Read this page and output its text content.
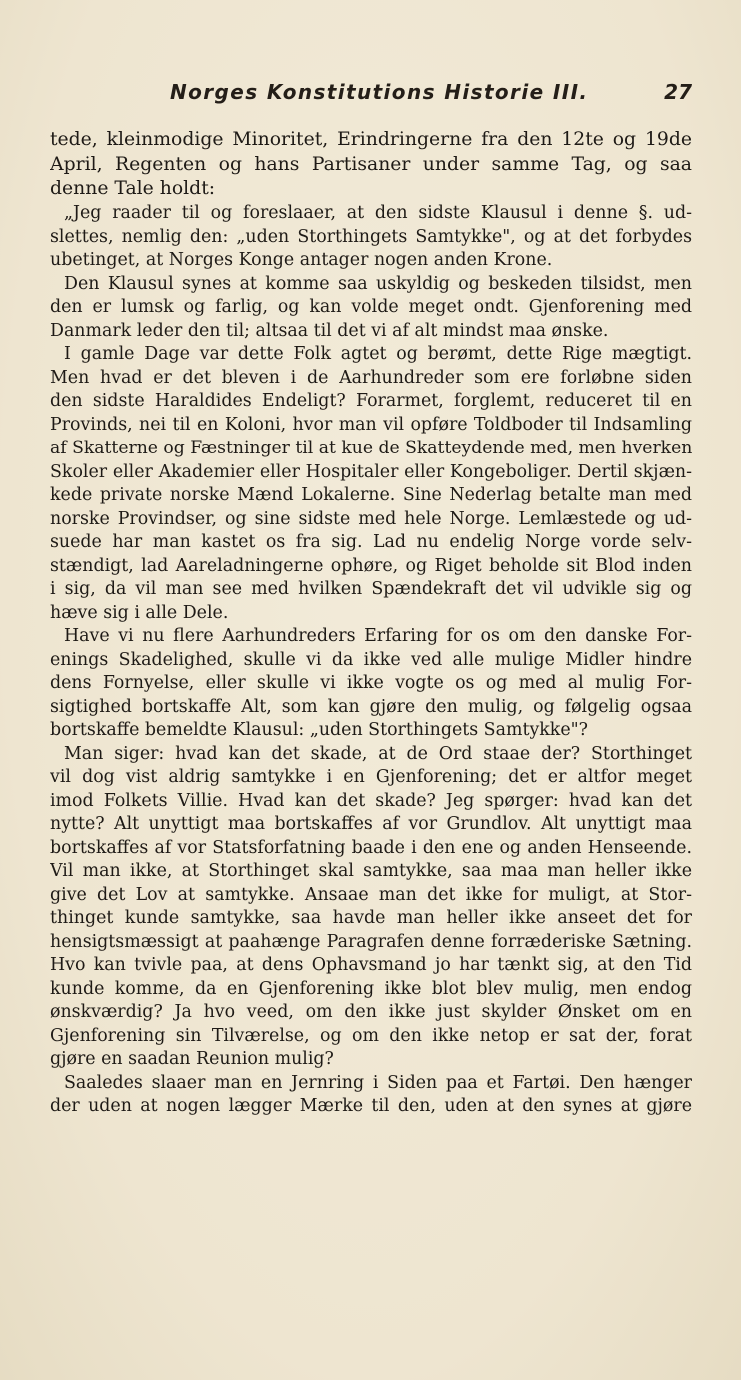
Norges Konstitutions Historie III.	27
tede, kleinmodige Minoritet, Erindringerne fra den 12te og 19de
April, Regenten og hans Partisaner under samme Tag, og saa
denne Tale holdt:
„Jeg raader til og foreslaaer, at den sidste Klausul i denne §. ud-
slettes, nemlig den: „uden Storthingets Samtykke", og at det forbydes
ubetinget, at Norges Konge antager nogen anden Krone.
Den Klausul synes at komme saa uskyldig og beskeden tilsidst, men
den er lumsk og farlig, og kan volde meget ondt. Gjenforening med
Danmark leder den til; altsaa til det vi af alt mindst maa ønske.
I gamle Dage var dette Folk agtet og berømt, dette Rige mægtigt.
Men hvad er det bleven i de Aarhundreder som ere forløbne siden
den sidste Haraldides Endeligt? Forarmet, forglemt, reduceret til en
Provinds, nei til en Koloni, hvor man vil opføre Toldboder til Indsamling
af Skatterne og Fæstninger til at kue de Skatteydende med, men hverken
Skoler eller Akademier eller Hospitaler eller Kongeboliger. Dertil skjæn-
kede private norske Mænd Lokalerne. Sine Nederlag betalte man med
norske Provindser, og sine sidste med hele Norge. Lemlæstede og ud-
suede har man kastet os fra sig. Lad nu endelig Norge vorde selv-
stændigt, lad Aareladningerne ophøre, og Riget beholde sit Blod inden
i sig, da vil man see med hvilken Spændekraft det vil udvikle sig og
hæve sig i alle Dele.
Have vi nu flere Aarhundreders Erfaring for os om den danske For-
enings Skadelighed, skulle vi da ikke ved alle mulige Midler hindre
dens Fornyelse, eller skulle vi ikke vogte os og med al mulig For-
sigtighed bortskaffe Alt, som kan gjøre den mulig, og følgelig ogsaa
bortskaffe bemeldte Klausul: „uden Storthingets Samtykke"?
Man siger: hvad kan det skade, at de Ord staae der? Storthinget
vil dog vist aldrig samtykke i en Gjenforening; det er altfor meget
imod Folkets Villie. Hvad kan det skade? Jeg spørger: hvad kan det
nytte? Alt unyttigt maa bortskaffes af vor Grundlov. Alt unyttigt maa
bortskaffes af vor Statsforfatning baade i den ene og anden Henseende.
Vil man ikke, at Storthinget skal samtykke, saa maa man heller ikke
give det Lov at samtykke. Ansaae man det ikke for muligt, at Stor-
thinget kunde samtykke, saa havde man heller ikke anseet det for
hensigtsmæssigt at paahænge Paragrafen denne forræderiske Sætning.
Hvo kan tvivle paa, at dens Ophavsmand jo har tænkt sig, at den Tid
kunde komme, da en Gjenforening ikke blot blev mulig, men endog
ønskværdig? Ja hvo veed, om den ikke just skylder Ønsket om en
Gjenforening sin Tilværelse, og om den ikke netop er sat der, forat
gjøre en saadan Reunion mulig?
Saaledes slaaer man en Jernring i Siden paa et Fartøi. Den hænger
der uden at nogen lægger Mærke til den, uden at den synes at gjøre
